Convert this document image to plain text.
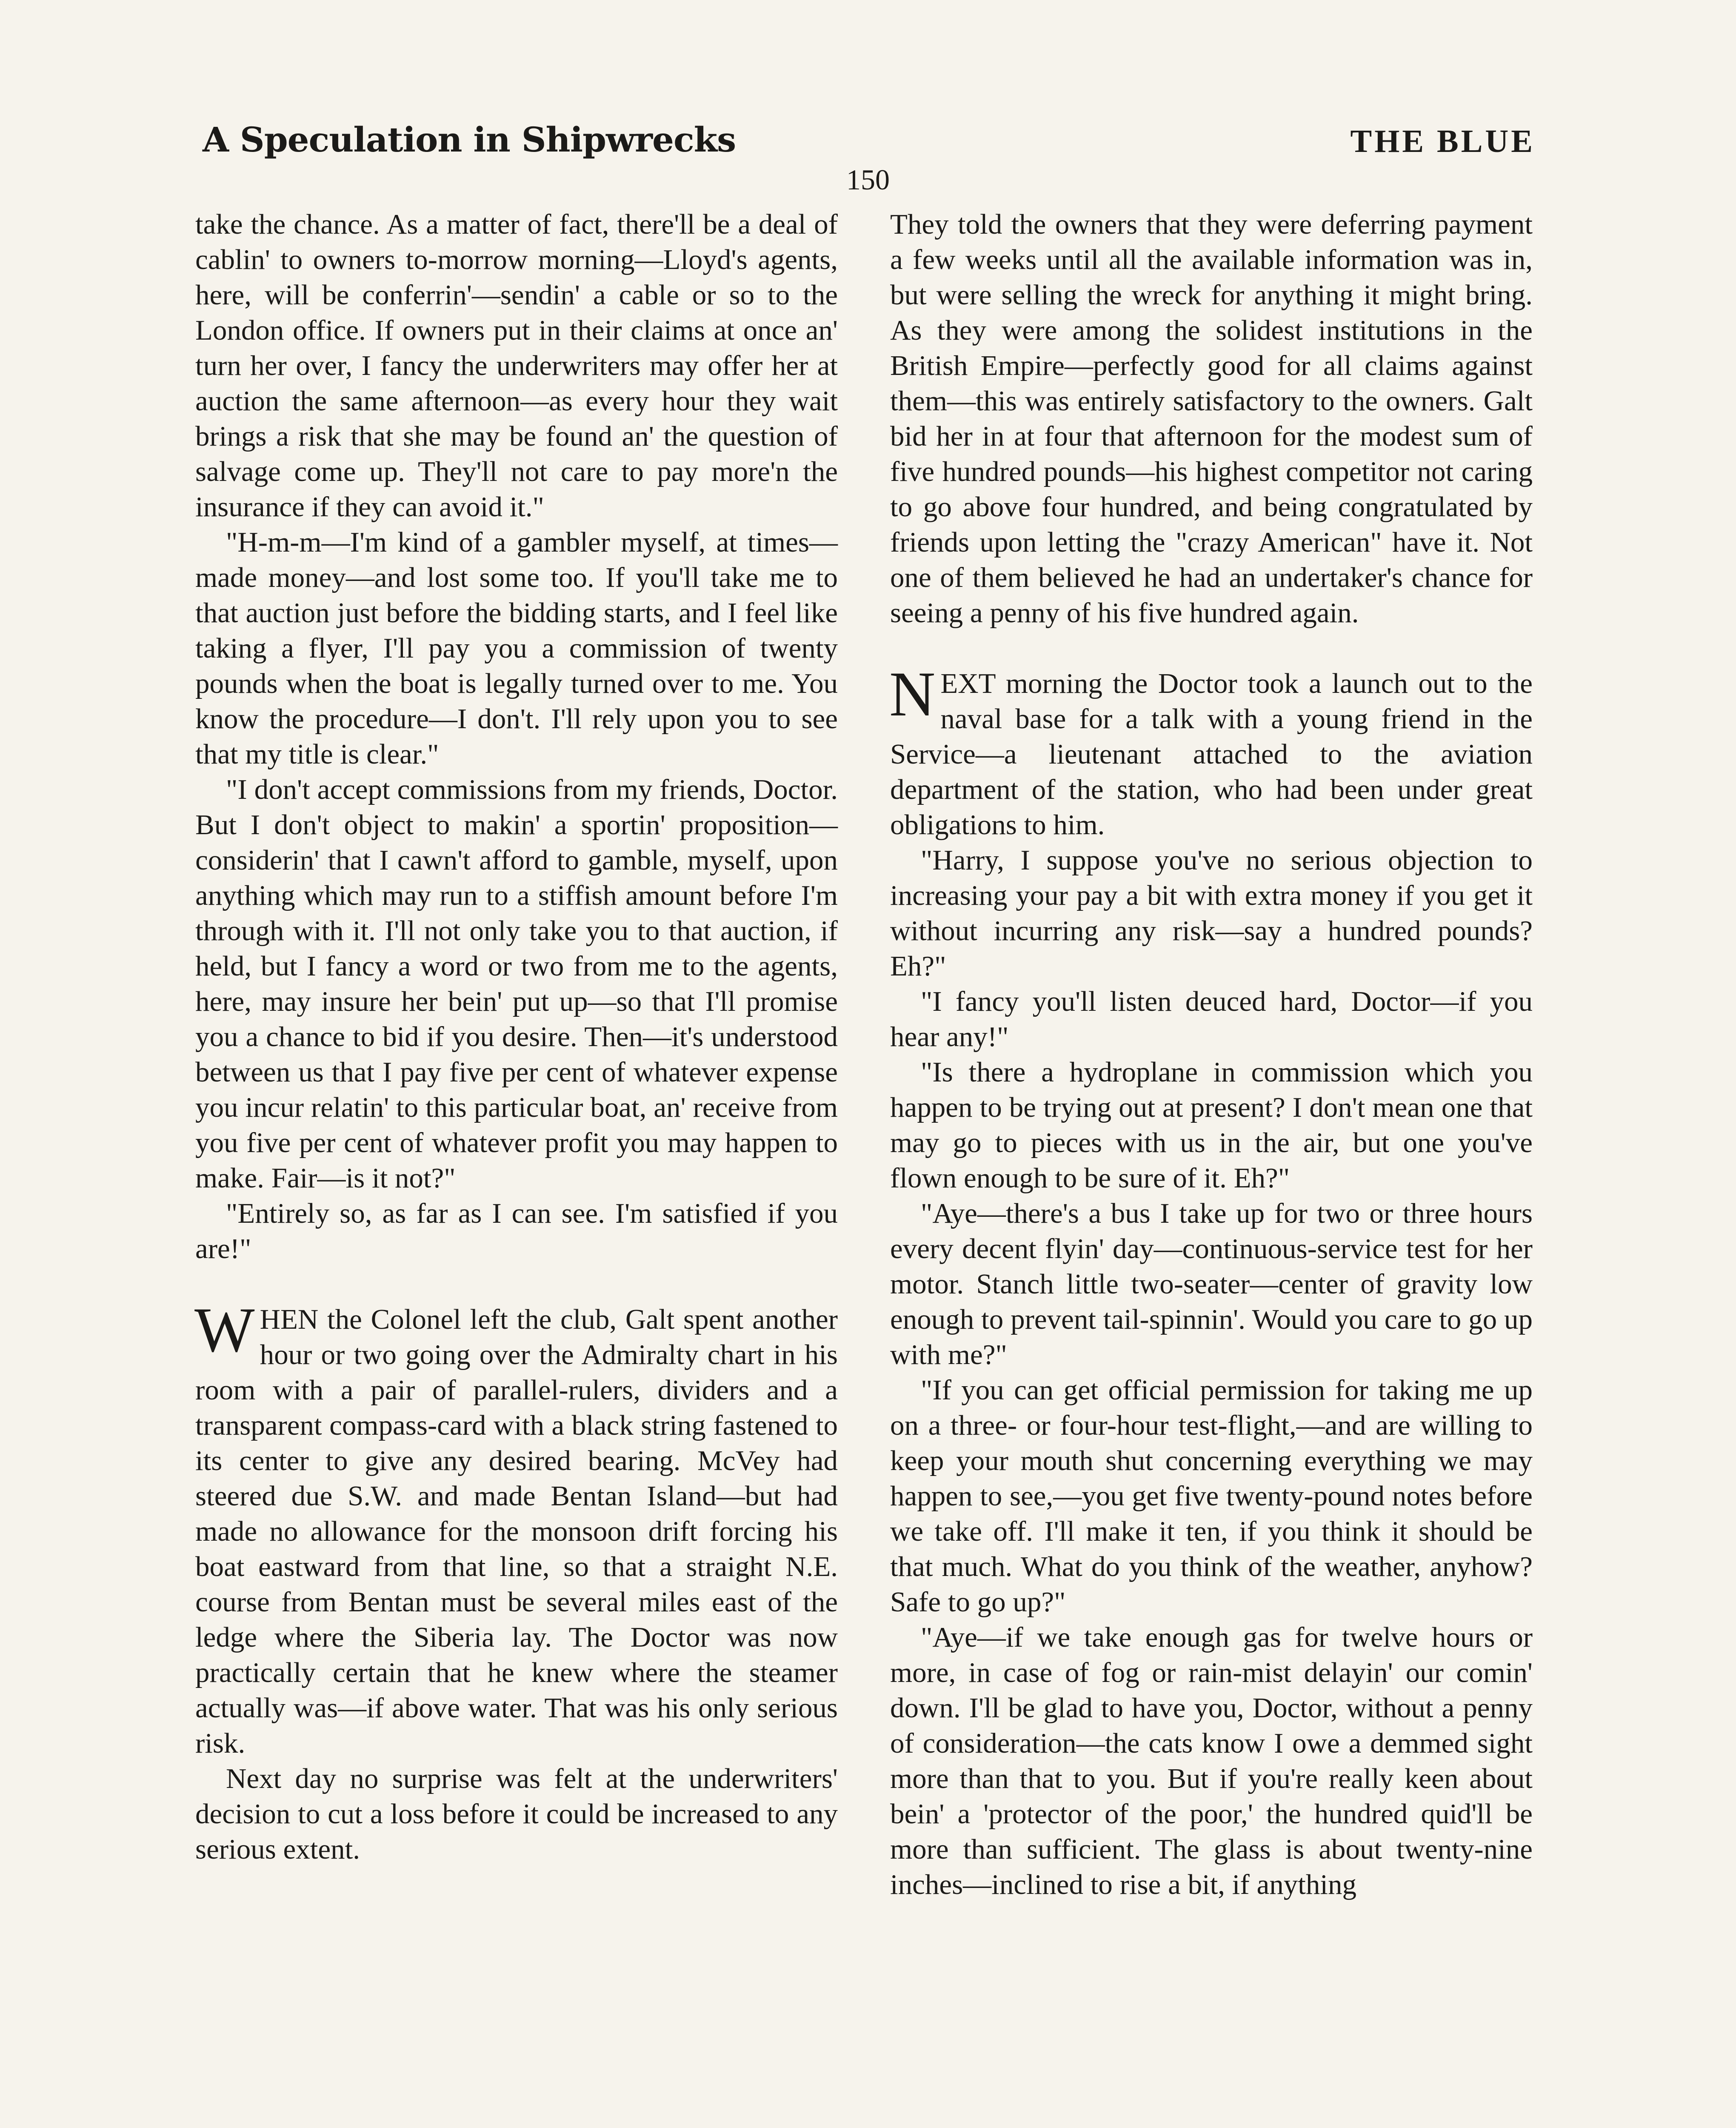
A Speculation in Shipwrecks	THE BLUE
150

take the chance. As a matter of fact, there'll be a deal of cablin' to owners to-morrow morning—Lloyd's agents, here, will be conferrin'—sendin' a cable or so to the London office. If owners put in their claims at once an' turn her over, I fancy the underwriters may offer her at auction the same afternoon—as every hour they wait brings a risk that she may be found an' the question of salvage come up. They'll not care to pay more'n the insurance if they can avoid it."

"H-m-m—I'm kind of a gambler myself, at times—made money—and lost some too. If you'll take me to that auction just before the bidding starts, and I feel like taking a flyer, I'll pay you a commission of twenty pounds when the boat is legally turned over to me. You know the procedure—I don't. I'll rely upon you to see that my title is clear."

"I don't accept commissions from my friends, Doctor. But I don't object to makin' a sportin' proposition—considerin' that I cawn't afford to gamble, myself, upon anything which may run to a stiffish amount before I'm through with it. I'll not only take you to that auction, if held, but I fancy a word or two from me to the agents, here, may insure her bein' put up—so that I'll promise you a chance to bid if you desire. Then—it's understood between us that I pay five per cent of whatever expense you incur relatin' to this particular boat, an' receive from you five per cent of whatever profit you may happen to make. Fair—is it not?"

"Entirely so, as far as I can see. I'm satisfied if you are!"

WHEN the Colonel left the club, Galt spent another hour or two going over the Admiralty chart in his room with a pair of parallel-rulers, dividers and a transparent compass-card with a black string fastened to its center to give any desired bearing. McVey had steered due S.W. and made Bentan Island—but had made no allowance for the monsoon drift forcing his boat eastward from that line, so that a straight N.E. course from Bentan must be several miles east of the ledge where the Siberia lay. The Doctor was now practically certain that he knew where the steamer actually was—if above water. That was his only serious risk.

Next day no surprise was felt at the underwriters' decision to cut a loss before it could be increased to any serious extent.

They told the owners that they were deferring payment a few weeks until all the available information was in, but were selling the wreck for anything it might bring. As they were among the solidest institutions in the British Empire—perfectly good for all claims against them—this was entirely satisfactory to the owners. Galt bid her in at four that afternoon for the modest sum of five hundred pounds—his highest competitor not caring to go above four hundred, and being congratulated by friends upon letting the "crazy American" have it. Not one of them believed he had an undertaker's chance for seeing a penny of his five hundred again.

NEXT morning the Doctor took a launch out to the naval base for a talk with a young friend in the Service—a lieutenant attached to the aviation department of the station, who had been under great obligations to him.

"Harry, I suppose you've no serious objection to increasing your pay a bit with extra money if you get it without incurring any risk—say a hundred pounds? Eh?"

"I fancy you'll listen deuced hard, Doctor—if you hear any!"

"Is there a hydroplane in commission which you happen to be trying out at present? I don't mean one that may go to pieces with us in the air, but one you've flown enough to be sure of it. Eh?"

"Aye—there's a bus I take up for two or three hours every decent flyin' day—continuous-service test for her motor. Stanch little two-seater—center of gravity low enough to prevent tail-spinnin'. Would you care to go up with me?"

"If you can get official permission for taking me up on a three- or four-hour test-flight,—and are willing to keep your mouth shut concerning everything we may happen to see,—you get five twenty-pound notes before we take off. I'll make it ten, if you think it should be that much. What do you think of the weather, anyhow? Safe to go up?"

"Aye—if we take enough gas for twelve hours or more, in case of fog or rain-mist delayin' our comin' down. I'll be glad to have you, Doctor, without a penny of consideration—the cats know I owe a demmed sight more than that to you. But if you're really keen about bein' a 'protector of the poor,' the hundred quid'll be more than sufficient. The glass is about twenty-nine inches—inclined to rise a bit, if anything
